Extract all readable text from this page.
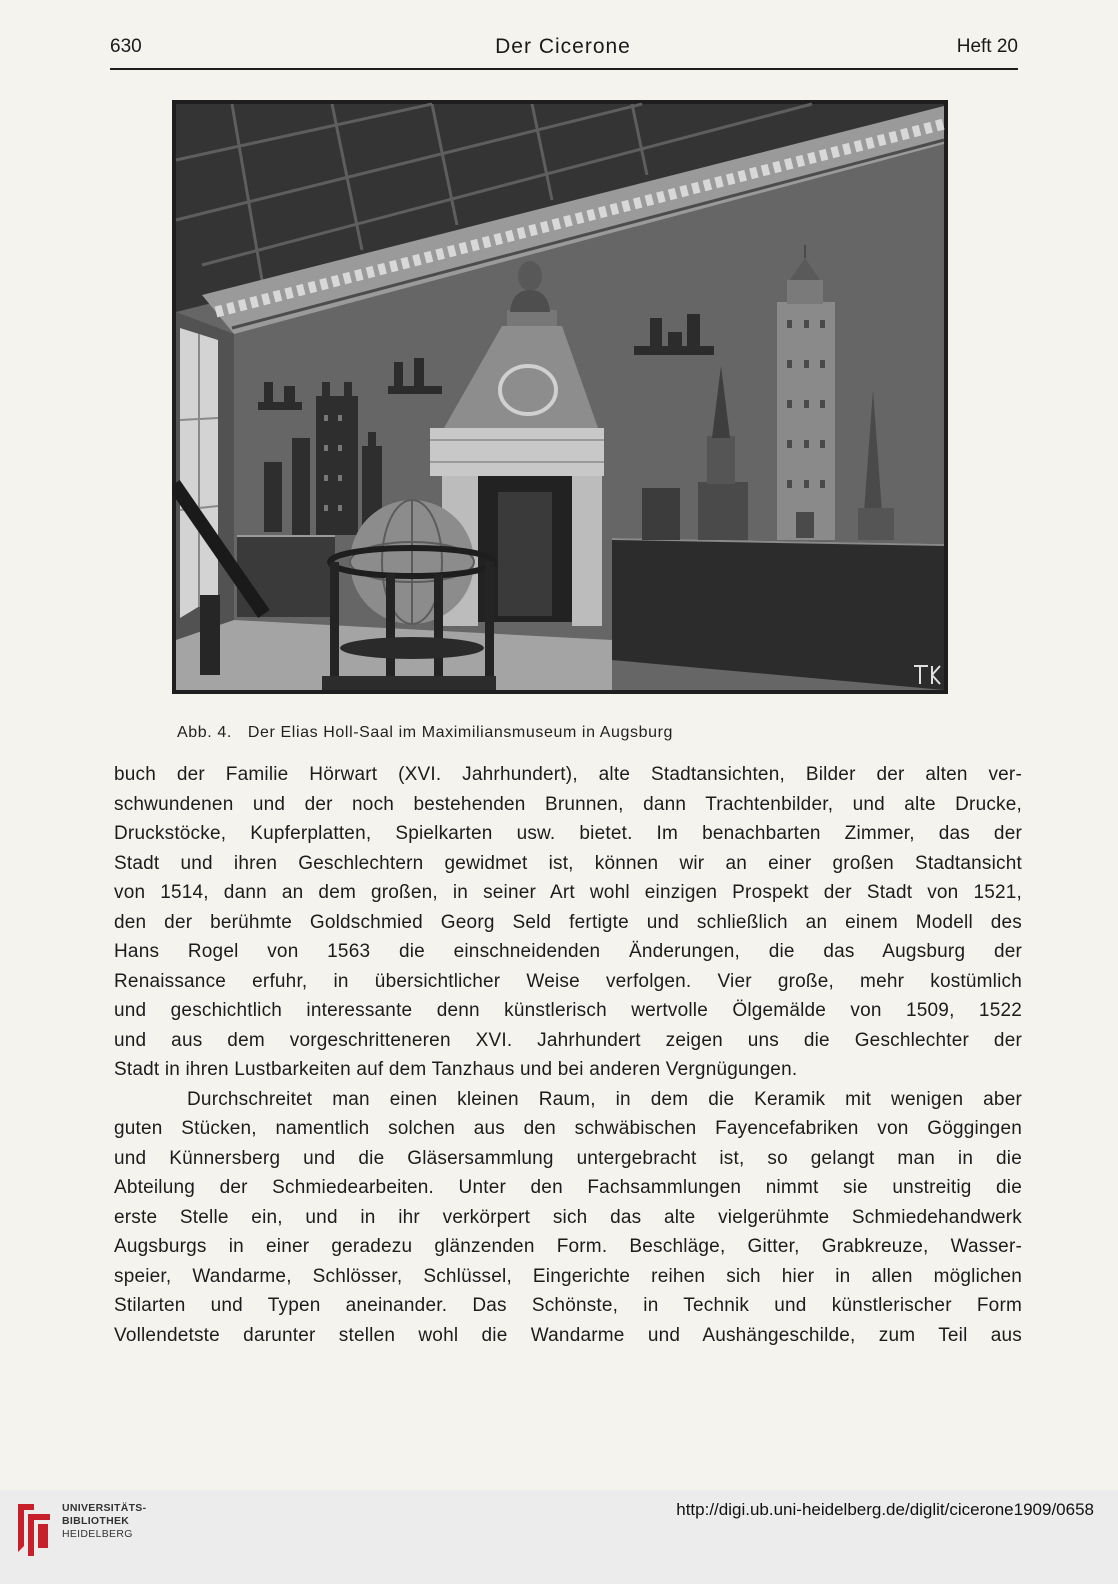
630	Der Cicerone	Heft 20
Abb. 4. Der Elias Holl-Saal im Maximiliansmuseum in Augsburg
buch der Familie Hörwart (XVI. Jahrhundert), alte Stadtansichten, Bilder der alten ver-
schwundenen und der noch bestehenden Brunnen, dann Trachtenbilder, und alte Drucke,
Druckstöcke, Kupferplatten, Spielkarten usw. bietet. Im benachbarten Zimmer, das der
Stadt und ihren Geschlechtern gewidmet ist, können wir an einer großen Stadtansicht
von 1514, dann an dem großen, in seiner Art wohl einzigen Prospekt der Stadt von 1521,
den der berühmte Goldschmied Georg Seld fertigte und schließlich an einem Modell des
Hans Rogel von 1563 die einschneidenden Änderungen, die das Augsburg der
Renaissance erfuhr, in übersichtlicher Weise verfolgen. Vier große, mehr kostümlich
und geschichtlich interessante denn künstlerisch wertvolle Ölgemälde von 1509, 1522
und aus dem vorgeschritteneren XVI. Jahrhundert zeigen uns die Geschlechter der
Stadt in ihren Lustbarkeiten auf dem Tanzhaus und bei anderen Vergnügungen.
Durchschreitet man einen kleinen Raum, in dem die Keramik mit wenigen aber
guten Stücken, namentlich solchen aus den schwäbischen Fayencefabriken von Göggingen
und Künnersberg und die Gläsersammlung untergebracht ist, so gelangt man in die
Abteilung der Schmiedearbeiten. Unter den Fachsammlungen nimmt sie unstreitig die
erste Stelle ein, und in ihr verkörpert sich das alte vielgerühmte Schmiedehandwerk
Augsburgs in einer geradezu glänzenden Form. Beschläge, Gitter, Grabkreuze, Wasser-
speier, Wandarme, Schlösser, Schlüssel, Eingerichte reihen sich hier in allen möglichen
Stilarten und Typen aneinander. Das Schönste, in Technik und künstlerischer Form
Vollendetste darunter stellen wohl die Wandarme und Aushängeschilde, zum Teil aus
UNIVERSITÄTS-
BIBLIOTHEK
HEIDELBERG
http://digi.ub.uni-heidelberg.de/diglit/cicerone1909/0658
